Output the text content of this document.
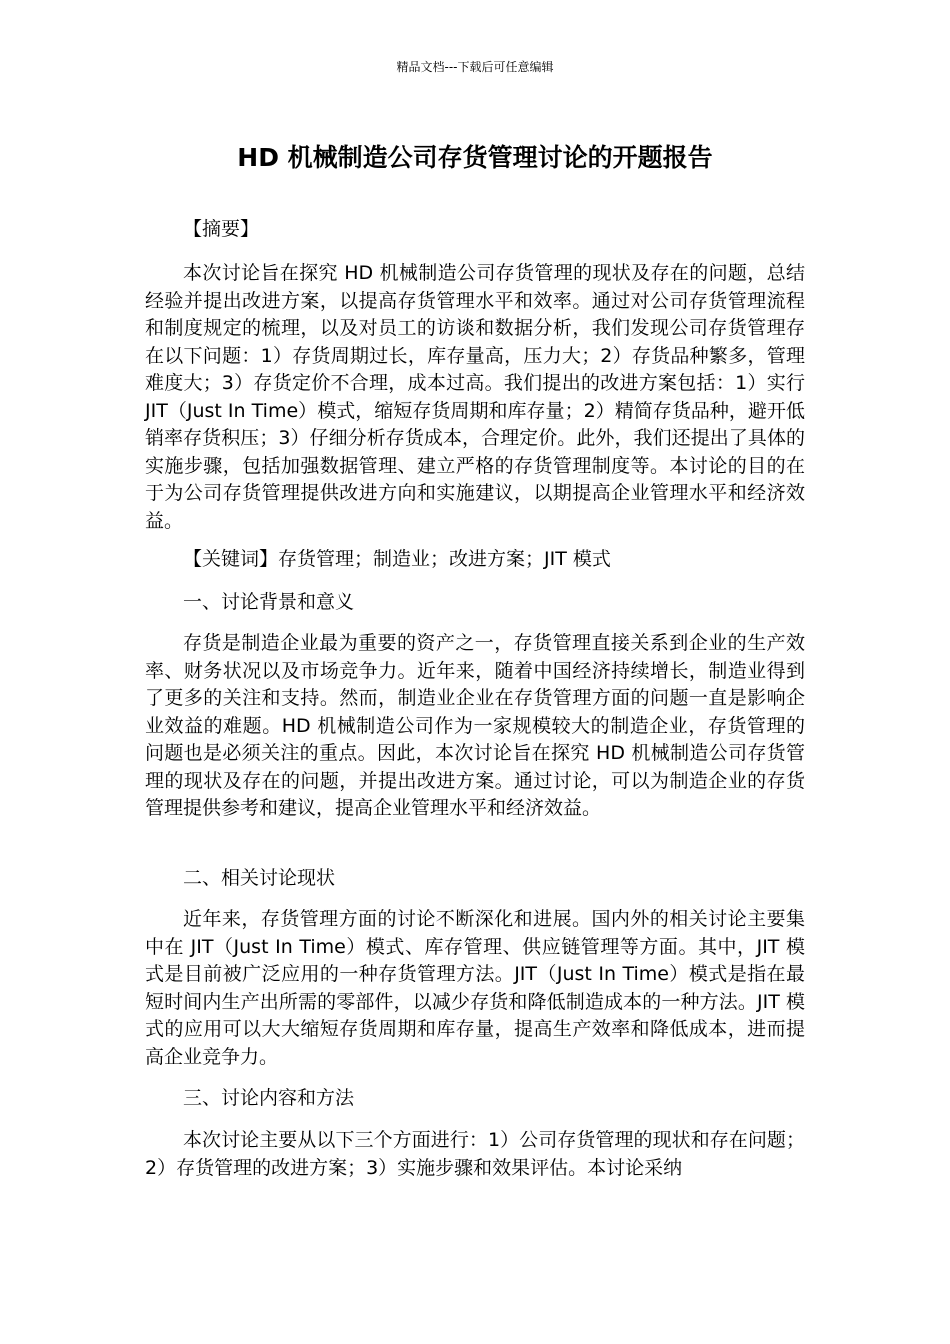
精品文档---下载后可任意编辑
HD 机械制造公司存货管理讨论的开题报告

【摘要】

本次讨论旨在探究 HD 机械制造公司存货管理的现状及存在的问题，总结经验并提出改进方案，以提高存货管理水平和效率。通过对公司存货管理流程和制度规定的梳理，以及对员工的访谈和数据分析，我们发现公司存货管理存在以下问题：1）存货周期过长，库存量高，压力大；2）存货品种繁多，管理难度大；3）存货定价不合理，成本过高。我们提出的改进方案包括：1）实行 JIT（Just In Time）模式，缩短存货周期和库存量；2）精简存货品种，避开低销率存货积压；3）仔细分析存货成本，合理定价。此外，我们还提出了具体的实施步骤，包括加强数据管理、建立严格的存货管理制度等。本讨论的目的在于为公司存货管理提供改进方向和实施建议，以期提高企业管理水平和经济效益。

【关键词】存货管理；制造业；改进方案；JIT 模式

一、讨论背景和意义

存货是制造企业最为重要的资产之一，存货管理直接关系到企业的生产效率、财务状况以及市场竞争力。近年来，随着中国经济持续增长，制造业得到了更多的关注和支持。然而，制造业企业在存货管理方面的问题一直是影响企业效益的难题。HD 机械制造公司作为一家规模较大的制造企业，存货管理的问题也是必须关注的重点。因此，本次讨论旨在探究 HD 机械制造公司存货管理的现状及存在的问题，并提出改进方案。通过讨论，可以为制造企业的存货管理提供参考和建议，提高企业管理水平和经济效益。

二、相关讨论现状

近年来，存货管理方面的讨论不断深化和进展。国内外的相关讨论主要集中在 JIT（Just In Time）模式、库存管理、供应链管理等方面。其中，JIT 模式是目前被广泛应用的一种存货管理方法。JIT（Just In Time）模式是指在最短时间内生产出所需的零部件，以减少存货和降低制造成本的一种方法。JIT 模式的应用可以大大缩短存货周期和库存量，提高生产效率和降低成本，进而提高企业竞争力。

三、讨论内容和方法

本次讨论主要从以下三个方面进行：1）公司存货管理的现状和存在问题；2）存货管理的改进方案；3）实施步骤和效果评估。本讨论采纳
